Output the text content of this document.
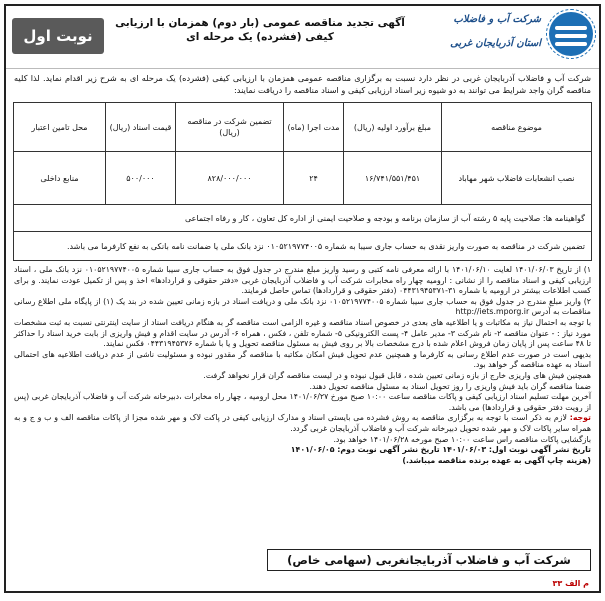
نوبت اول
آگهی تجدید مناقصه عمومی (بار دوم) همزمان با ارزیابی کیفی (فشرده) یک مرحله ای
شرکت آب و فاضلاب
استان آذربایجان غربی
شرکت آب و فاضلاب آذربایجان غربی در نظر دارد نسبت به برگزاری مناقصه عمومی همزمان با ارزیابی کیفی (فشرده) یک مرحله ای به شرح زیر اقدام نماید. لذا کلیه مناقصه گران واجد شرایط می توانند به دو شیوه زیر اسناد ارزیابی کیفی و اسناد مناقصه را دریافت نمایند:
موضوع مناقصه	مبلغ برآورد اولیه (ریال)	مدت اجرا (ماه)	تضمین شرکت در مناقصه (ریال)	قیمت اسناد (ریال)	محل تامین اعتبار
نصب انشعابات فاضلاب شهر مهاباد	۱۶/۷۴۱/۵۵۱/۴۵۱	۲۴	۸۲۸/۰۰۰/۰۰۰	۵۰۰/۰۰۰	منابع داخلی
گواهینامه ها: صلاحیت پایه ۵ رشته آب از سازمان برنامه و بودجه و صلاحیت ایمنی از اداره کل تعاون ، کار و رفاه اجتماعی					
تضمین شرکت در مناقصه به صورت واریز نقدی به حساب جاری سیبا به شماره ۰۱۰۵۲۱۹۷۷۴۰۰۵ نزد بانک ملی یا ضمانت نامه بانکی به نفع کارفرما می باشد.					

۱) از تاریخ ۱۴۰۱/۰۶/۰۳ لغایت ۱۴۰۱/۰۶/۱۰ با ارائه معرفی نامه کتبی و رسید واریز مبلغ مندرج در جدول فوق به حساب جاری سیبا شماره ۰۱۰۵۲۱۹۷۷۴۰۰۵ نزد بانک ملی ، اسناد ارزیابی کیفی و اسناد مناقصه را از نشانی : ارومیه چهار راه مخابرات شرکت آب و فاضلاب آذربایجان غربی «دفتر حقوقی و قراردادها» اخذ و پس از تکمیل عودت نمایند. و برای کسب اطلاعات بیشتر در ارومیه با شماره ۳۱-۰۴۴۳۱۹۴۵۳۷۱ (دفتر حقوقی و قراردادها) تماس حاصل فرمایند.

۲) واریز مبلغ مندرج در جدول فوق به حساب جاری سیبا شماره ۰۱۰۵۲۱۹۷۷۴۰۰۵ نزد بانک ملی و دریافت اسناد در بازه زمانی تعیین شده در بند یک (۱) از پایگاه ملی اطلاع رسانی مناقصات به آدرس http://iets.mporg.ir

با توجه به احتمال نیاز به مکاتبات و یا اطلاعیه های بعدی در خصوص اسناد مناقصه و غیره الزامی است مناقصه گر به هنگام دریافت اسناد از سایت اینترنتی نسبت به ثبت مشخصات مورد نیاز : - عنوان مناقصه ۲- نام شرکت ۳- مدیر عامل ۴- پست الکترونیکی ۵- شماره تلفن ، فکس ، همراه ۶- آدرس در سایت اقدام و فیش واریزی از بابت خرید اسناد را حداکثر تا ۴۸ ساعت پس از پایان زمان فروش اعلام شده با درج مشخصات بالا بر روی فیش به مسئول مناقصه تحویل و یا با شماره ۰۴۴۳۱۹۴۵۳۷۶ فکس نمایند.

بدیهی است در صورت عدم اطلاع رسانی به کارفرما و همچنین عدم تحویل فیش امکان مکاتبه با مناقصه گر مقدور نبوده و مسئولیت ناشی از عدم دریافت اطلاعیه های احتمالی اسناد به عهده مناقصه گر خواهد بود.

همچنین فیش های واریزی خارج از بازه زمانی تعیین شده ، قابل قبول نبوده و در لیست مناقصه گران قرار نخواهد گرفت.

ضمنا مناقصه گران باید فیش واریزی را روز تحویل اسناد به مسئول مناقصه تحویل دهند.

آخرین مهلت تسلیم اسناد ارزیابی کیفی و پاکات مناقصه ساعت ۱۰:۰۰ صبح مورخ ۱۴۰۱/۰۶/۲۷ محل ارومیه ، چهار راه مخابرات ،دبیرخانه شرکت آب و فاضلاب آذربایجان غربی (پس از رویت دفتر حقوقی و قراردادها) می باشد.

توجه: لازم به ذکر است با توجه به برگزاری مناقصه به روش فشرده می بایستی اسناد و مدارک ارزیابی کیفی در پاکت لاک و مهر شده مجزا از پاکات مناقصه الف و ب و ج و به همراه سایر پاکات لاک و مهر شده تحویل دبیرخانه شرکت آب و فاضلاب آذربایجان غربی گردد.

بازگشایی پاکات مناقصه راس ساعت ۱۰:۰۰ صبح مورخه ۱۴۰۱/۰۶/۲۸ خواهد بود.

تاریخ نشر آگهی نوبت اول: ۱۴۰۱/۰۶/۰۳ تاریخ نشر آگهی نوبت دوم: ۱۴۰۱/۰۶/۰۵

(هزینه چاپ آگهی به عهده برنده مناقصه میباشد.)

شرکت آب و فاضلاب آذربایجانغربی (سهامی خاص)
م الف ۳۳
